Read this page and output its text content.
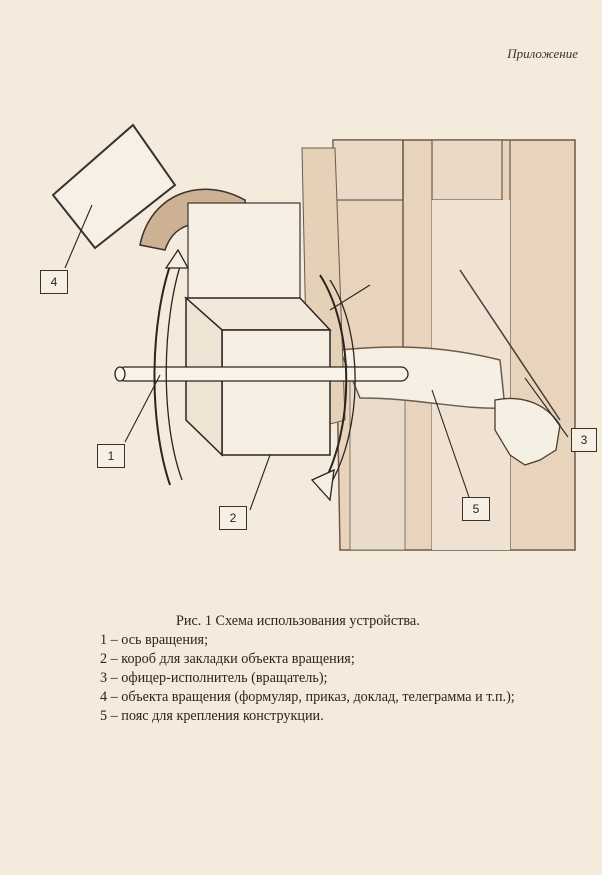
Приложение
4
1
2
5
3
Рис. 1 Схема использования устройства.
1 – ось вращения;
2 – короб для закладки объекта вращения;
3 – офицер-исполнитель (вращатель);
4 – объекта вращения (формуляр, приказ, доклад, телеграмма и т.п.);
5 – пояс для крепления конструкции.
